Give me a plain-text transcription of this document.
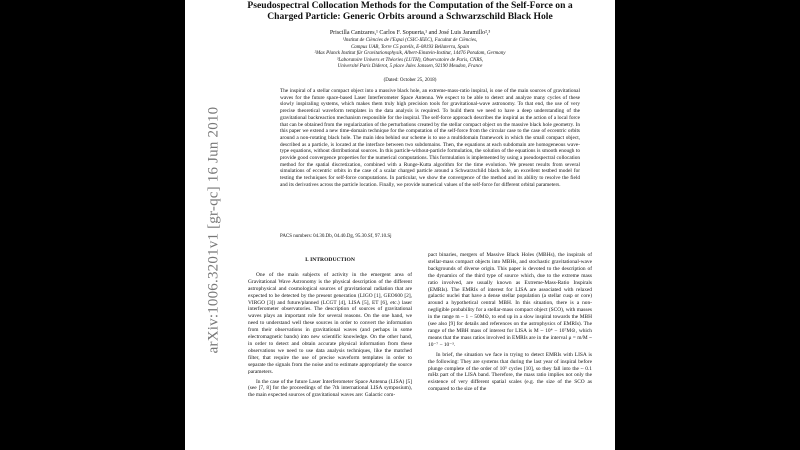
Pseudospectral Collocation Methods for the Computation of the Self-Force on a Charged Particle: Generic Orbits around a Schwarzschild Black Hole
Priscilla Canizares,¹ Carlos F. Sopuerta,¹ and José Luis Jaramillo²,³
¹Institut de Ciències de l'Espai (CSIC-IEEC), Facultat de Ciències,
Campus UAB, Torre C5 parells, E-08193 Bellaterra, Spain
²Max Planck Institut für Gravitationsphysik, Albert-Einstein-Institut, 14476 Potsdam, Germany
³Laboratoire Univers et Théories (LUTH), Observatoire de Paris, CNRS,
Université Paris Diderot, 5 place Jules Janssen, 92190 Meudon, France
(Dated: October 25, 2018)
The inspiral of a stellar compact object into a massive black hole, an extreme-mass-ratio inspiral, is one of the main sources of gravitational waves for the future space-based Laser Interferometer Space Antenna. We expect to be able to detect and analyze many cycles of these slowly inspiraling systems, which makes them truly high precision tools for gravitational-wave astronomy. To that end, the use of very precise theoretical waveform templates in the data analysis is required. To build them we need to have a deep understanding of the gravitational backreaction mechanism responsible for the inspiral. The self-force approach describes the inspiral as the action of a local force that can be obtained from the regularization of the perturbations created by the stellar compact object on the massive black hole geometry. In this paper we extend a new time-domain technique for the computation of the self-force from the circular case to the case of eccentric orbits around a non-rotating black hole. The main idea behind our scheme is to use a multidomain framework in which the small compact object, described as a particle, is located at the interface between two subdomains. Then, the equations at each subdomain are homogeneous wave-type equations, without distributional sources. In this particle-without-particle formulation, the solution of the equations is smooth enough to provide good convergence properties for the numerical computations. This formulation is implemented by using a pseudospectral collocation method for the spatial discretization, combined with a Runge-Kutta algorithm for the time evolution. We present results from several simulations of eccentric orbits in the case of a scalar charged particle around a Schwarzschild black hole, an excellent testbed model for testing the techniques for self-force computations. In particular, we show the convergence of the method and its ability to resolve the field and its derivatives across the particle location. Finally, we provide numerical values of the self-force for different orbital parameters.
PACS numbers: 04.30.Db, 04.40.Dg, 95.30.Sf, 97.10.Sj
I. INTRODUCTION

One of the main subjects of activity in the emergent area of Gravitational Wave Astronomy is the physical description of the different astrophysical and cosmological sources of gravitational radiation that are expected to be detected by the present generation (LIGO [1], GEO600 [2], VIRGO [3]) and future/planned (LCGT [4], LISA [5], ET [6], etc.) laser interferometer observatories. The description of sources of gravitational waves plays an important role for several reasons. On the one hand, we need to understand well these sources in order to convert the information from their observations in gravitational waves (and perhaps in some electromagnetic bands) into new scientific knowledge. On the other hand, in order to detect and obtain accurate physical information from these observations we need to use data analysis techniques, like the matched filter, that require the use of precise waveform templates in order to separate the signals from the noise and to estimate appropriately the source parameters.

In the case of the future Laser Interferometer Space Antenna (LISA) [5] (see [7, 8] for the proceedings of the 7th international LISA symposium), the main expected sources of gravitational waves are: Galactic com-

pact binaries, mergers of Massive Black Holes (MBHs), the inspirals of stellar-mass compact objects into MBHs, and stochastic gravitational-wave backgrounds of diverse origin. This paper is devoted to the description of the dynamics of the third type of source which, due to the extreme mass ratio involved, are usually known as Extreme-Mass-Ratio Inspirals (EMRIs). The EMRIs of interest for LISA are associated with relaxed galactic nuclei that have a dense stellar population (a stellar cusp or core) around a hypothetical central MBH. In this situation, there is a non-negligible probability for a stellar-mass compact object (SCO), with masses in the range m ~ 1 − 50M⊙, to end up in a slow inspiral towards the MBH (see also [9] for details and references on the astrophysics of EMRIs). The range of the MBH mass of interest for LISA is M ~ 10⁴ − 10⁷M⊙, which means that the mass ratios involved in EMRIs are in the interval μ = m/M ~ 10⁻⁷ − 10⁻³.

In brief, the situation we face in trying to detect EMRIs with LISA is the following: They are systems that during the last year of inspiral before plunge complete of the order of 10⁵ cycles [10], so they fall into the ~ 0.1 mHz part of the LISA band. Therefore, the mass ratio implies not only the existence of very different spatial scales (e.g. the size of the SCO as compared to the size of the

arXiv:1006.3201v1 [gr-qc] 16 Jun 2010
